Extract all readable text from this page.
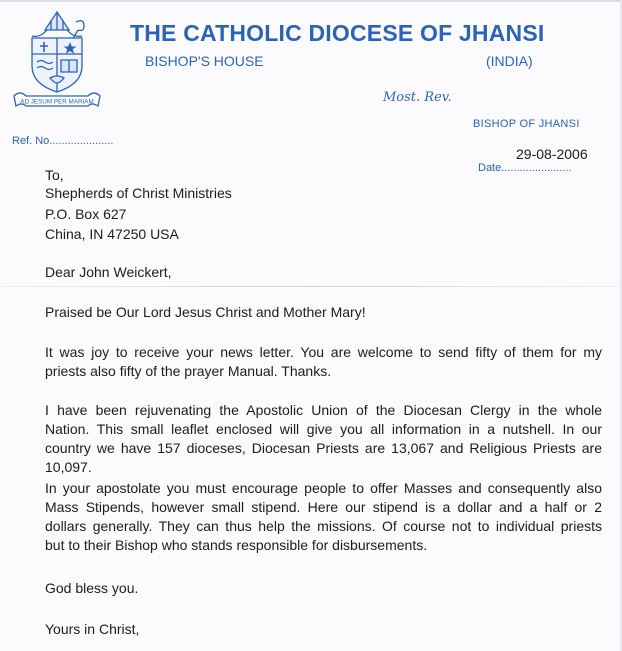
AD JESUM PER MARIAM
THE CATHOLIC DIOCESE OF JHANSI
BISHOP'S HOUSE	(INDIA)
Most. Rev.
BISHOP OF JHANSI
Ref. No.....................
29-08-2006
Date.......................
To,
Shepherds of Christ Ministries
P.O. Box 627
China, IN 47250 USA
Dear John Weickert,
Praised be Our Lord Jesus Christ and Mother Mary!
It was joy to receive your news letter. You are welcome to send fifty of them for my
priests also fifty of the prayer Manual. Thanks.
I have been rejuvenating the Apostolic Union of the Diocesan Clergy in the whole
Nation. This small leaflet enclosed will give you all information in a nutshell. In our
country we have 157 dioceses, Diocesan Priests are 13,067 and Religious Priests are
10,097.
In your apostolate you must encourage people to offer Masses and consequently also
Mass Stipends, however small stipend. Here our stipend is a dollar and a half or 2
dollars generally. They can thus help the missions. Of course not to individual priests
but to their Bishop who stands responsible for disbursements.
God bless you.
Yours in Christ,
